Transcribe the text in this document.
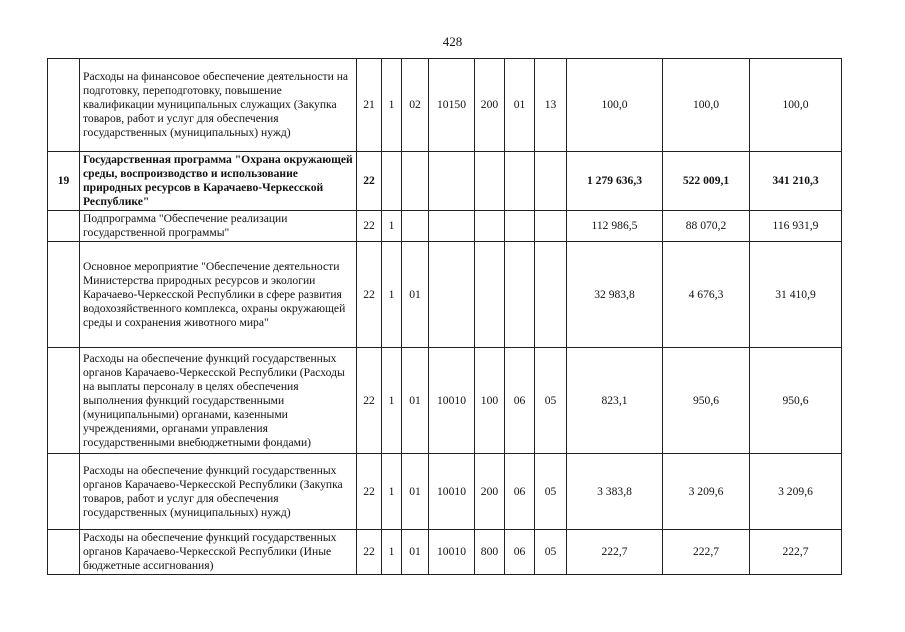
428
	Расходы на финансовое обеспечение деятельности на подготовку, переподготовку, повышение квалификации муниципальных служащих (Закупка товаров, работ и услуг для обеспечения государственных (муниципальных) нужд)	21	1	02	10150	200	01	13	100,0	100,0	100,0
19	Государственная программа "Охрана окружающей среды, воспроизводство и использование природных ресурсов в Карачаево-Черкесской Республике"	22							1 279 636,3	522 009,1	341 210,3
	Подпрограмма "Обеспечение реализации государственной программы"	22	1						112 986,5	88 070,2	116 931,9
	Основное мероприятие "Обеспечение деятельности Министерства природных ресурсов и экологии Карачаево-Черкесской Республики в сфере развития водохозяйственного комплекса, охраны окружающей среды и сохранения животного мира"	22	1	01					32 983,8	4 676,3	31 410,9
	Расходы на обеспечение функций государственных органов Карачаево-Черкесской Республики (Расходы на выплаты персоналу в целях обеспечения выполнения функций государственными (муниципальными) органами, казенными учреждениями, органами управления государственными внебюджетными фондами)	22	1	01	10010	100	06	05	823,1	950,6	950,6
	Расходы на обеспечение функций государственных органов Карачаево-Черкесской Республики (Закупка товаров, работ и услуг для обеспечения государственных (муниципальных) нужд)	22	1	01	10010	200	06	05	3 383,8	3 209,6	3 209,6
	Расходы на обеспечение функций государственных органов Карачаево-Черкесской Республики (Иные бюджетные ассигнования)	22	1	01	10010	800	06	05	222,7	222,7	222,7
